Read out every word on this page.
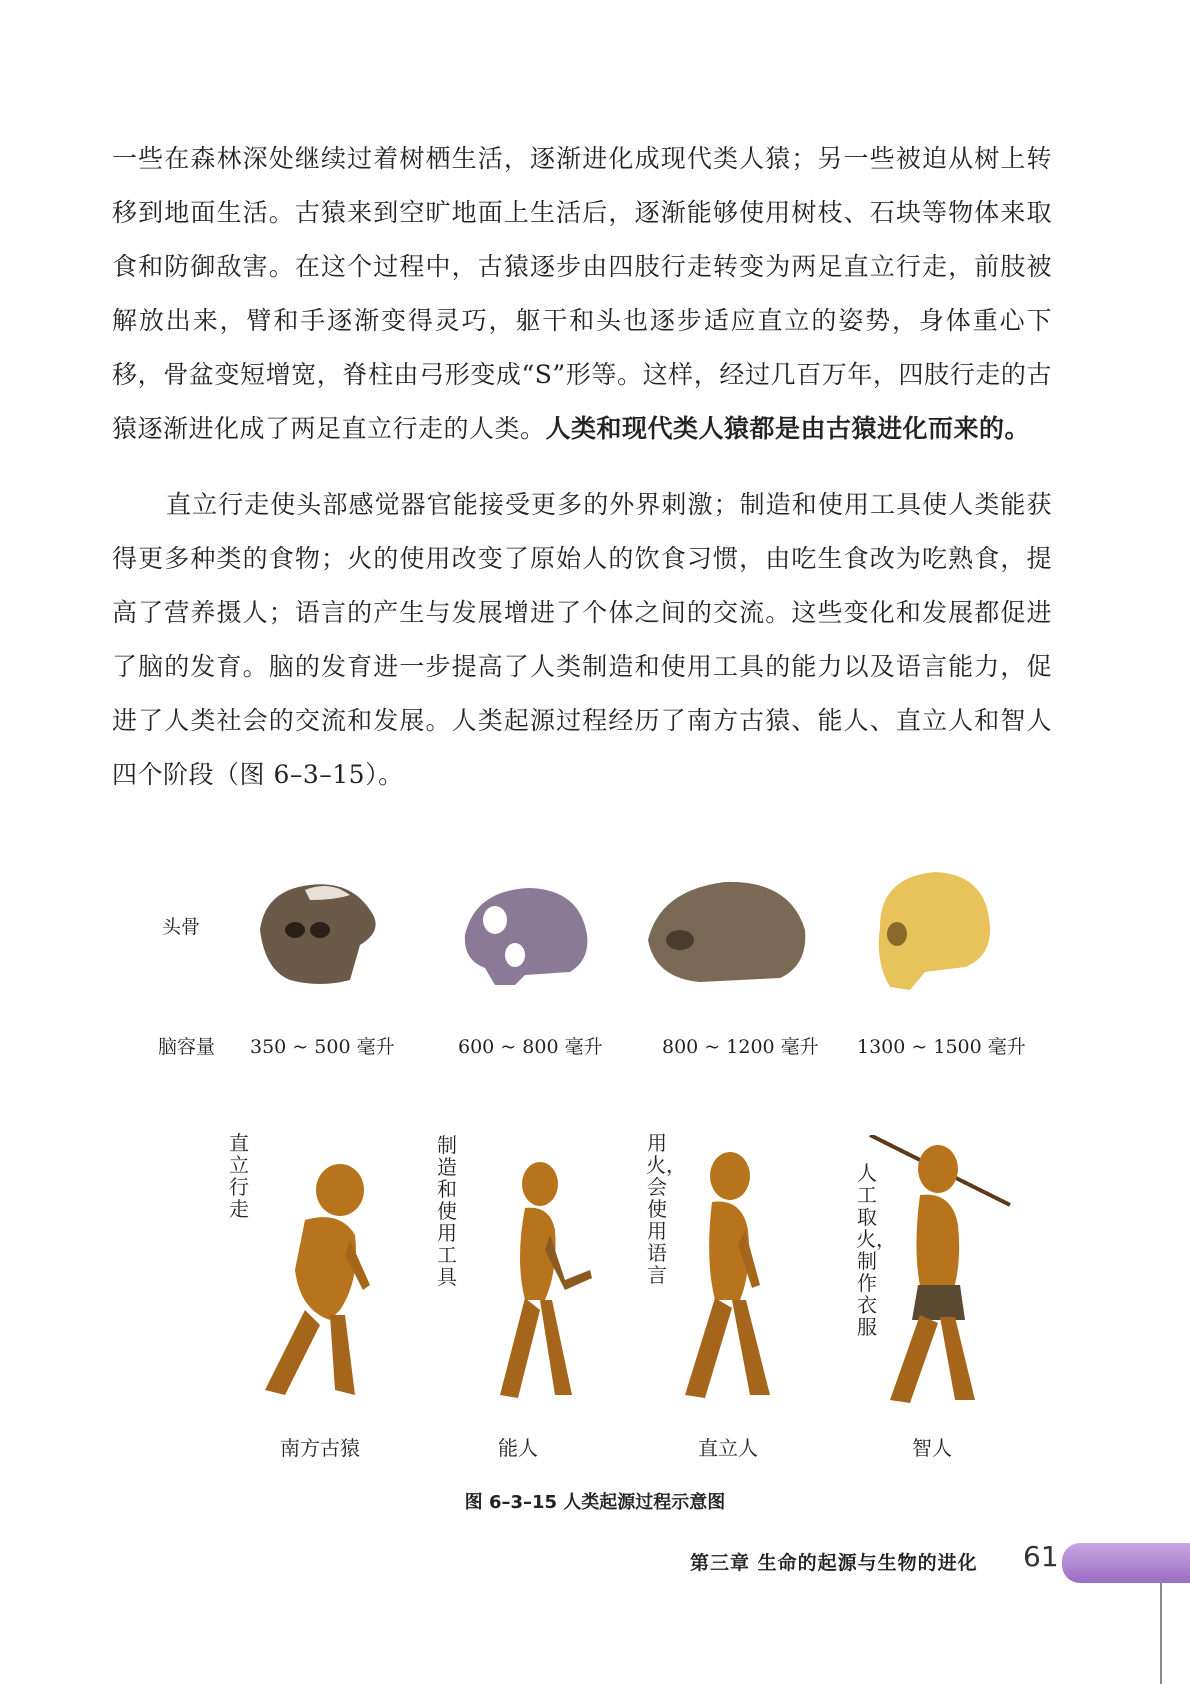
一些在森林深处继续过着树栖生活，逐渐进化成现代类人猿；另一些被迫从树上转移到地面生活。古猿来到空旷地面上生活后，逐渐能够使用树枝、石块等物体来取食和防御敌害。在这个过程中，古猿逐步由四肢行走转变为两足直立行走，前肢被解放出来，臂和手逐渐变得灵巧，躯干和头也逐步适应直立的姿势，身体重心下移，骨盆变短增宽，脊柱由弓形变成“S”形等。这样，经过几百万年，四肢行走的古猿逐渐进化成了两足直立行走的人类。人类和现代类人猿都是由古猿进化而来的。
直立行走使头部感觉器官能接受更多的外界刺激；制造和使用工具使人类能获得更多种类的食物；火的使用改变了原始人的饮食习惯，由吃生食改为吃熟食，提高了营养摄人；语言的产生与发展增进了个体之间的交流。这些变化和发展都促进了脑的发育。脑的发育进一步提高了人类制造和使用工具的能力以及语言能力，促进了人类社会的交流和发展。人类起源过程经历了南方古猿、能人、直立人和智人四个阶段（图 6–3–15）。
头骨
脑容量 350 ~ 500 毫升	600 ~ 800 毫升	800 ~ 1200 毫升 1300 ~ 1500 毫升
直立行走
制造和使用工具
用火，会使用语言
人工取火，制作衣服
南方古猿	能人	直立人	智人
图 6–3–15 人类起源过程示意图
第三章 生命的起源与生物的进化 61
